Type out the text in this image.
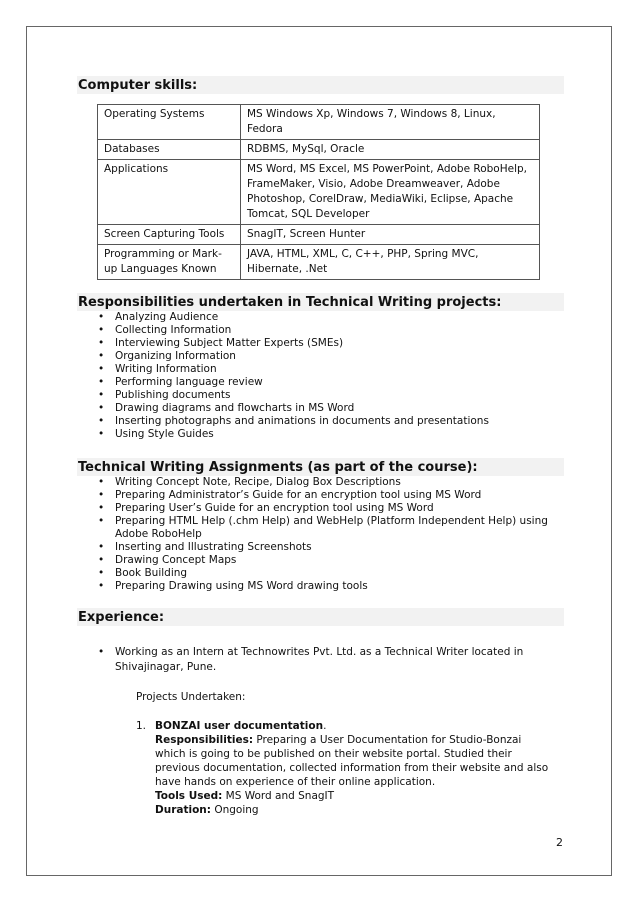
Computer skills:
Operating Systems	MS Windows Xp, Windows 7, Windows 8, Linux, Fedora
Databases	RDBMS, MySql, Oracle
Applications	MS Word, MS Excel, MS PowerPoint, Adobe RoboHelp, FrameMaker, Visio, Adobe Dreamweaver, Adobe Photoshop, CorelDraw, MediaWiki, Eclipse, Apache Tomcat, SQL Developer
Screen Capturing Tools	SnagIT, Screen Hunter
Programming or Mark-up Languages Known	JAVA, HTML, XML, C, C++, PHP, Spring MVC, Hibernate, .Net
Responsibilities undertaken in Technical Writing projects:
• Analyzing Audience
• Collecting Information
• Interviewing Subject Matter Experts (SMEs)
• Organizing Information
• Writing Information
• Performing language review
• Publishing documents
• Drawing diagrams and flowcharts in MS Word
• Inserting photographs and animations in documents and presentations
• Using Style Guides
Technical Writing Assignments (as part of the course):
• Writing Concept Note, Recipe, Dialog Box Descriptions
• Preparing Administrator’s Guide for an encryption tool using MS Word
• Preparing User’s Guide for an encryption tool using MS Word
• Preparing HTML Help (.chm Help) and WebHelp (Platform Independent Help) using Adobe RoboHelp
• Inserting and Illustrating Screenshots
• Drawing Concept Maps
• Book Building
• Preparing Drawing using MS Word drawing tools
Experience:
• Working as an Intern at Technowrites Pvt. Ltd. as a Technical Writer located in Shivajinagar, Pune.
Projects Undertaken:
1. BONZAI user documentation.
Responsibilities: Preparing a User Documentation for Studio-Bonzai which is going to be published on their website portal. Studied their previous documentation, collected information from their website and also have hands on experience of their online application.
Tools Used: MS Word and SnagIT
Duration: Ongoing
2
